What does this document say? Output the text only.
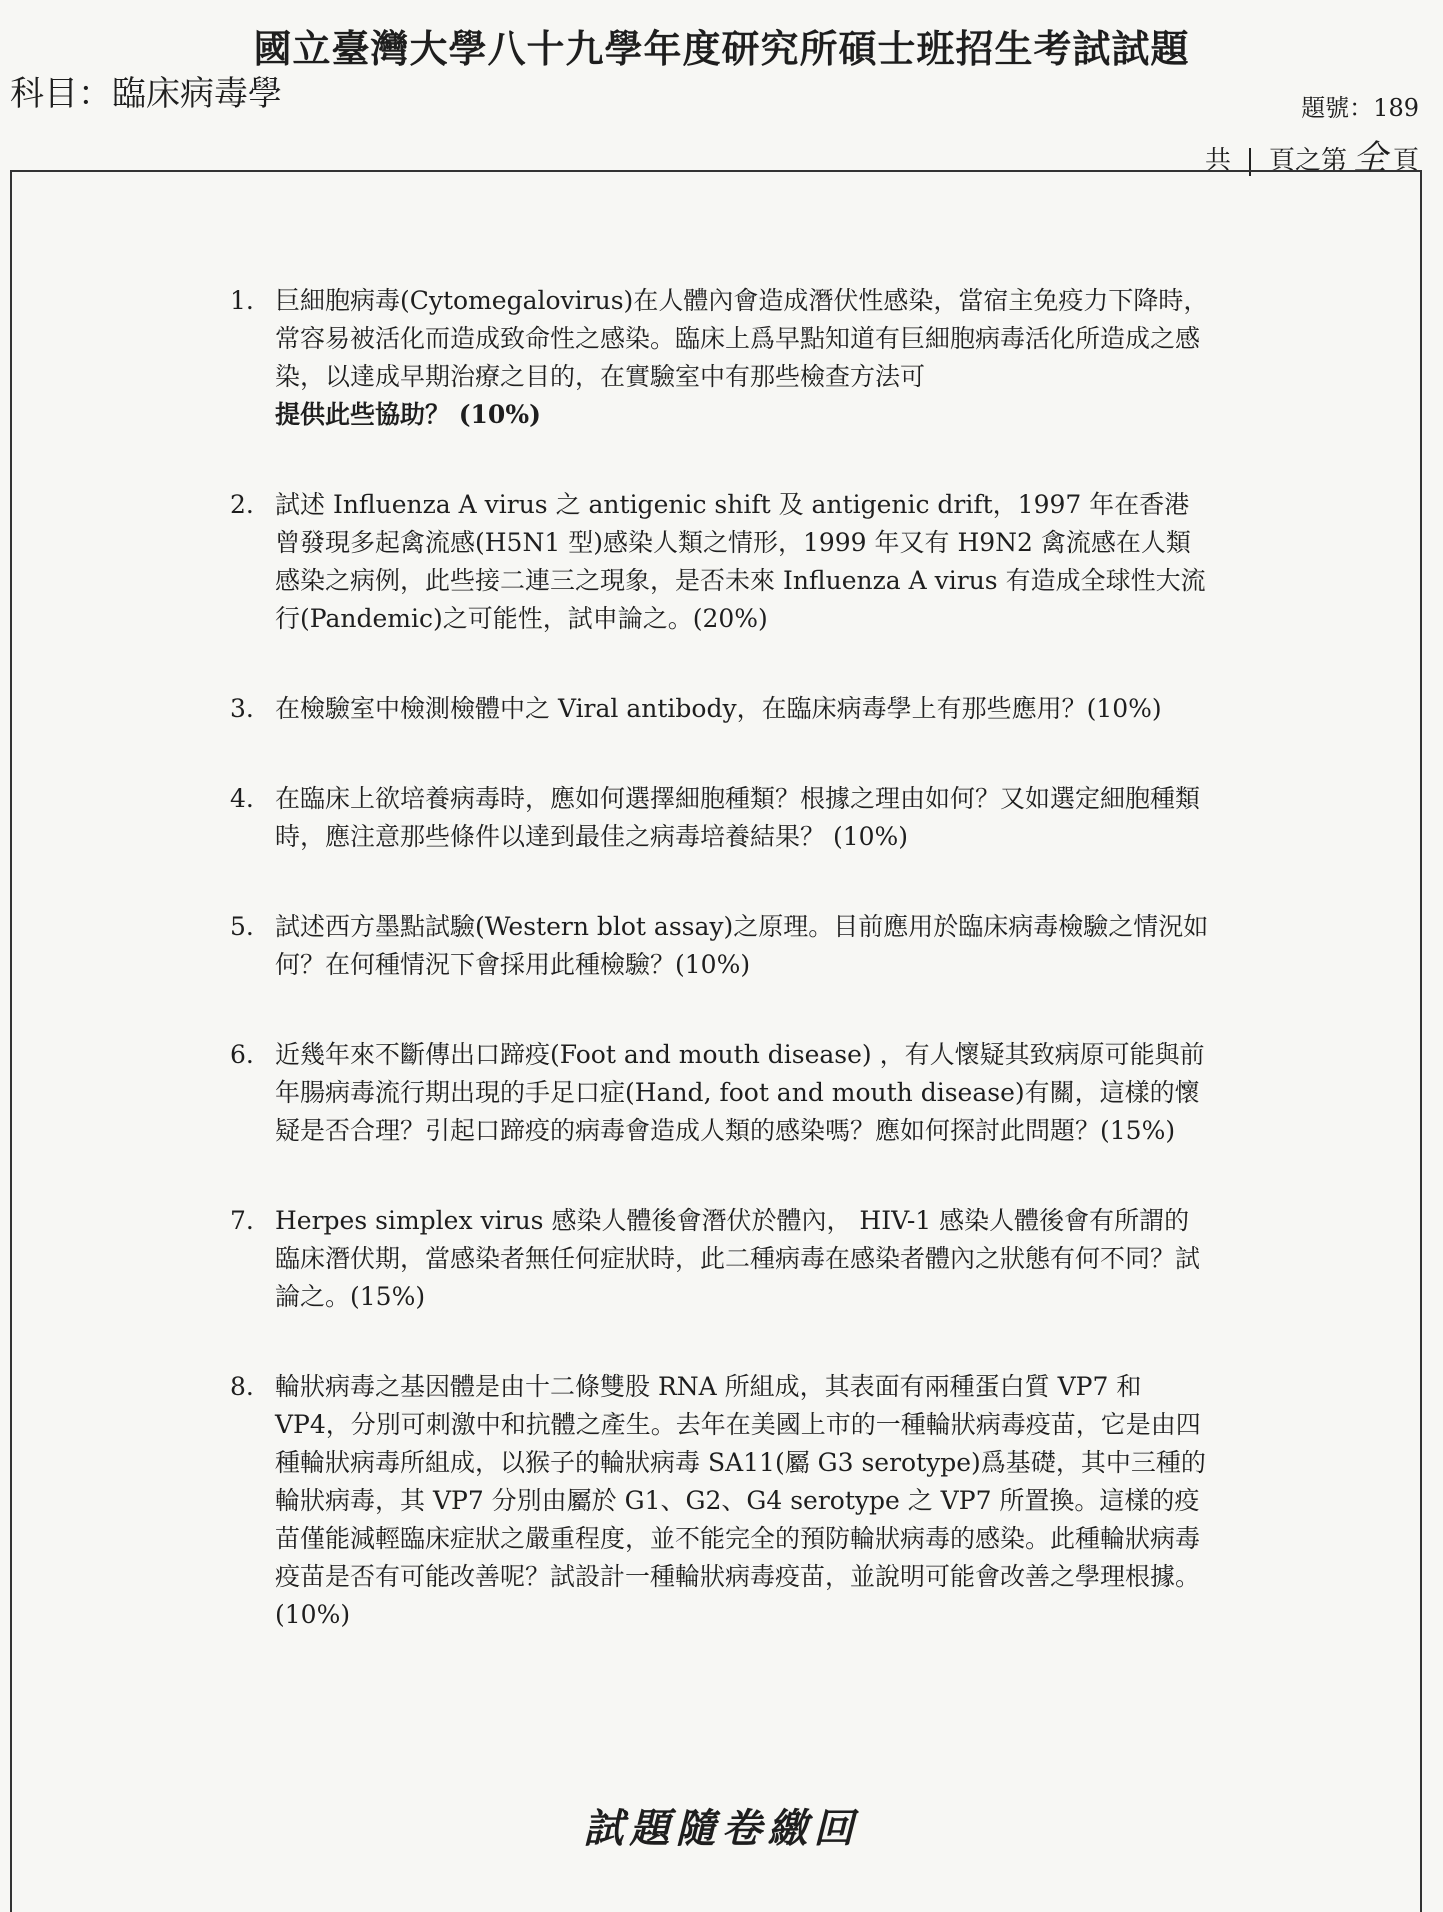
國立臺灣大學八十九學年度研究所碩士班招生考試試題
科目：臨床病毒學	題號：189
共 頁之第 全 頁
1. 巨細胞病毒(Cytomegalovirus)在人體內會造成潛伏性感染，當宿主免疫力下降時，常容易被活化而造成致命性之感染。臨床上爲早點知道有巨細胞病毒活化所造成之感染，以達成早期治療之目的，在實驗室中有那些檢查方法可
提供此些協助？ (10%)
2. 試述 Influenza A virus 之 antigenic shift 及 antigenic drift，1997 年在香港曾發現多起禽流感(H5N1 型)感染人類之情形，1999 年又有 H9N2 禽流感在人類感染之病例，此些接二連三之現象，是否未來 Influenza A virus 有造成全球性大流行(Pandemic)之可能性，試申論之。(20%)
3. 在檢驗室中檢測檢體中之 Viral antibody，在臨床病毒學上有那些應用？(10%)
4. 在臨床上欲培養病毒時，應如何選擇細胞種類？根據之理由如何？又如選定細胞種類時，應注意那些條件以達到最佳之病毒培養結果？ (10%)
5. 試述西方墨點試驗(Western blot assay)之原理。目前應用於臨床病毒檢驗之情況如何？在何種情況下會採用此種檢驗？(10%)
6. 近幾年來不斷傳出口蹄疫(Foot and mouth disease) ，有人懷疑其致病原可能與前年腸病毒流行期出現的手足口症(Hand, foot and mouth disease)有關，這樣的懷疑是否合理？引起口蹄疫的病毒會造成人類的感染嗎？應如何探討此問題？(15%)
7. Herpes simplex virus 感染人體後會潛伏於體內， HIV-1 感染人體後會有所謂的臨床潛伏期，當感染者無任何症狀時，此二種病毒在感染者體內之狀態有何不同？試論之。(15%)
8. 輪狀病毒之基因體是由十二條雙股 RNA 所組成，其表面有兩種蛋白質 VP7 和 VP4，分別可刺激中和抗體之產生。去年在美國上市的一種輪狀病毒疫苗，它是由四種輪狀病毒所組成，以猴子的輪狀病毒 SA11(屬 G3 serotype)爲基礎，其中三種的輪狀病毒，其 VP7 分別由屬於 G1、G2、G4 serotype 之 VP7 所置換。這樣的疫苗僅能減輕臨床症狀之嚴重程度，並不能完全的預防輪狀病毒的感染。此種輪狀病毒疫苗是否有可能改善呢？試設計一種輪狀病毒疫苗，並說明可能會改善之學理根據。(10%)
試題隨卷繳回
